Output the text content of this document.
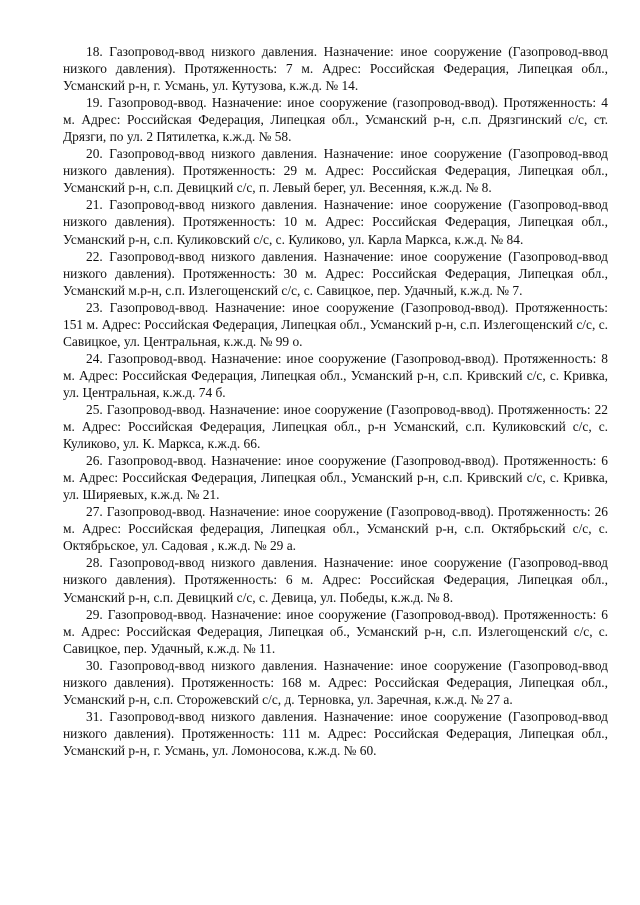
18. Газопровод-ввод низкого давления. Назначение: иное сооружение (Газопровод-ввод низкого давления). Протяженность: 7 м. Адрес: Российская Федерация, Липецкая обл., Усманский р-н, г. Усмань, ул. Кутузова, к.ж.д. № 14.

19. Газопровод-ввод. Назначение: иное сооружение (газопровод-ввод). Протяженность: 4 м. Адрес: Российская Федерация, Липецкая обл., Усманский р-н, с.п. Дрязгинский с/с, ст. Дрязги, по ул. 2 Пятилетка, к.ж.д. № 58.

20. Газопровод-ввод низкого давления. Назначение: иное сооружение (Газопровод-ввод низкого давления). Протяженность: 29 м. Адрес: Российская Федерация, Липецкая обл., Усманский р-н, с.п. Девицкий с/с, п. Левый берег, ул. Весенняя, к.ж.д. № 8.

21. Газопровод-ввод низкого давления. Назначение: иное сооружение (Газопровод-ввод низкого давления). Протяженность: 10 м. Адрес: Российская Федерация, Липецкая обл., Усманский р-н, с.п. Куликовский с/с, с. Куликово, ул. Карла Маркса, к.ж.д. № 84.

22. Газопровод-ввод низкого давления. Назначение: иное сооружение (Газопровод-ввод низкого давления). Протяженность: 30 м. Адрес: Российская Федерация, Липецкая обл., Усманский м.р-н, с.п. Излегощенский с/с, с. Савицкое, пер. Удачный, к.ж.д. № 7.

23. Газопровод-ввод. Назначение: иное сооружение (Газопровод-ввод). Протяженность: 151 м. Адрес: Российская Федерация, Липецкая обл., Усманский р-н, с.п. Излегощенский с/с, с. Савицкое, ул. Центральная, к.ж.д. № 99 о.

24. Газопровод-ввод. Назначение: иное сооружение (Газопровод-ввод). Протяженность: 8 м. Адрес: Российская Федерация, Липецкая обл., Усманский р-н, с.п. Кривский с/с, с. Кривка, ул. Центральная, к.ж.д. 74 б.

25. Газопровод-ввод. Назначение: иное сооружение (Газопровод-ввод). Протяженность: 22 м. Адрес: Российская Федерация, Липецкая обл., р-н Усманский, с.п. Куликовский с/с, с. Куликово, ул. К. Маркса, к.ж.д. 66.

26. Газопровод-ввод. Назначение: иное сооружение (Газопровод-ввод). Протяженность: 6 м. Адрес: Российская Федерация, Липецкая обл., Усманский р-н, с.п. Кривский с/с, с. Кривка, ул. Ширяевых, к.ж.д. № 21.

27. Газопровод-ввод. Назначение: иное сооружение (Газопровод-ввод). Протяженность: 26 м. Адрес: Российская федерация, Липецкая обл., Усманский р-н, с.п. Октябрьский с/с, с. Октябрьское, ул. Садовая , к.ж.д. № 29 а.

28. Газопровод-ввод низкого давления. Назначение: иное сооружение (Газопровод-ввод низкого давления). Протяженность: 6 м. Адрес: Российская Федерация, Липецкая обл., Усманский р-н, с.п. Девицкий с/с, с. Девица, ул. Победы, к.ж.д. № 8.

29. Газопровод-ввод. Назначение: иное сооружение (Газопровод-ввод). Протяженность: 6 м. Адрес: Российская Федерация, Липецкая об., Усманский р-н, с.п. Излегощенский с/с, с. Савицкое, пер. Удачный, к.ж.д. № 11.

30. Газопровод-ввод низкого давления. Назначение: иное сооружение (Газопровод-ввод низкого давления). Протяженность: 168 м. Адрес: Российская Федерация, Липецкая обл., Усманский р-н, с.п. Сторожевский с/с, д. Терновка, ул. Заречная, к.ж.д. № 27 а.

31. Газопровод-ввод низкого давления. Назначение: иное сооружение (Газопровод-ввод низкого давления). Протяженность: 111 м. Адрес: Российская Федерация, Липецкая обл., Усманский р-н, г. Усмань, ул. Ломоносова, к.ж.д. № 60.
